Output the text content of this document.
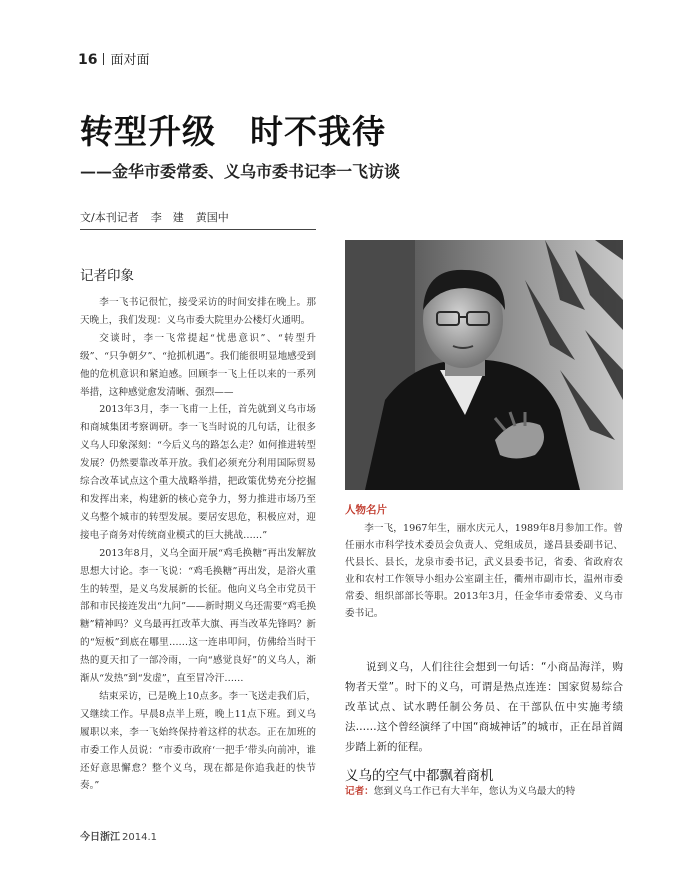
16 面对面
转型升级　时不我待
——金华市委常委、义乌市委书记李一飞访谈
文/本刊记者 李　建 黄国中
记者印象

李一飞书记很忙，接受采访的时间安排在晚上。那天晚上，我们发现：义乌市委大院里办公楼灯火通明。

交谈时，李一飞常提起“忧患意识”、“转型升级”、“只争朝夕”、“抢抓机遇”。我们能很明显地感受到他的危机意识和紧迫感。回顾李一飞上任以来的一系列举措，这种感觉愈发清晰、强烈——

2013年3月，李一飞甫一上任，首先就到义乌市场和商城集团考察调研。李一飞当时说的几句话，让很多义乌人印象深刻：“今后义乌的路怎么走？如何推进转型发展？仍然要靠改革开放。我们必须充分利用国际贸易综合改革试点这个重大战略举措，把政策优势充分挖掘和发挥出来，构建新的核心竞争力，努力推进市场乃至义乌整个城市的转型发展。要居安思危，积极应对，迎接电子商务对传统商业模式的巨大挑战……”

2013年8月，义乌全面开展“鸡毛换糖”再出发解放思想大讨论。李一飞说：“鸡毛换糖”再出发，是浴火重生的转型，是义乌发展新的长征。他向义乌全市党员干部和市民接连发出“九问”——新时期义乌还需要“鸡毛换糖”精神吗？义乌最再扛改革大旗、再当改革先锋吗？新的“短板”到底在哪里……这一连串叩问，仿佛给当时干热的夏天扣了一部冷雨，一向“感觉良好”的义乌人，渐渐从“发热”到“发虚”，直至冒冷汗……

结束采访，已是晚上10点多。李一飞送走我们后，又继续工作。早晨8点半上班，晚上11点下班。到义乌履职以来，李一飞始终保持着这样的状态。正在加班的市委工作人员说：“市委市政府‘一把手’带头向前冲，谁还好意思懈怠？整个义乌，现在都是你追我赶的快节奏。”

人物名片

李一飞，1967年生，丽水庆元人，1989年8月参加工作。曾任丽水市科学技术委员会负责人、党组成员，遂昌县委副书记、代县长、县长，龙泉市委书记，武义县委书记，省委、省政府农业和农村工作领导小组办公室副主任，衢州市副市长，温州市委常委、组织部部长等职。2013年3月，任金华市委常委、义乌市委书记。

说到义乌，人们往往会想到一句话：“小商品海洋，购物者天堂”。时下的义乌，可谓是热点连连：国家贸易综合改革试点、试水聘任制公务员、在干部队伍中实施考绩法……这个曾经演绎了中国“商城神话”的城市，正在昂首阔步踏上新的征程。

义乌的空气中都飘着商机
记者：您到义乌工作已有大半年，您认为义乌最大的特
今日浙江 2014.1
